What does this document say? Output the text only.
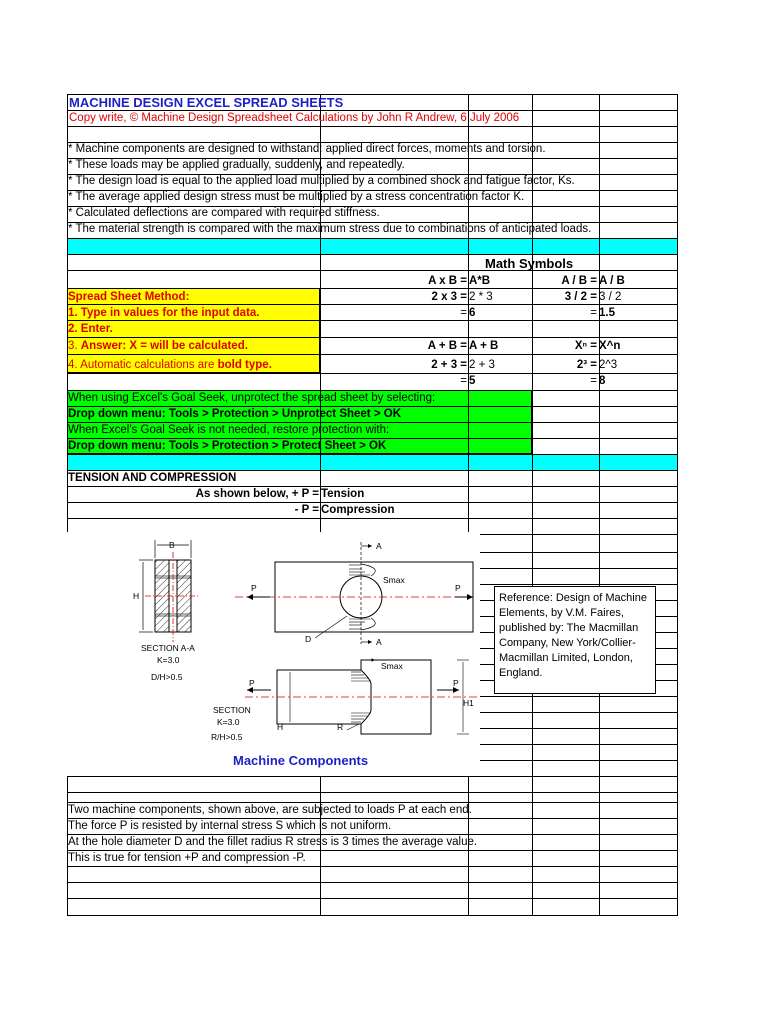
MACHINE DESIGN EXCEL SPREAD SHEETS
Copy write, © Machine Design Spreadsheet Calculations by John R Andrew, 6 July 2006
* Machine components are designed to withstand: applied direct forces, moments and torsion.
* These loads may be applied gradually, suddenly, and repeatedly.
* The design load is equal to the applied load multiplied by a combined shock and fatigue factor, Ks.
* The average applied design stress must be multiplied by a stress concentration factor K.
* Calculated deflections are compared with required stiffness.
* The material strength is compared with the maximum stress due to combinations of anticipated loads.
Math Symbols
A x B = A*B	A / B = A / B
2 x 3 = 2 * 3	3 / 2 = 3 / 2
= 6	= 1.5
A + B = A + B	Xⁿ = X^n
2 + 3 = 2 + 3	2³ = 2^3
= 5	= 8
Spread Sheet Method:
1. Type in values for the input data.
2. Enter.
3. Answer: X = will be calculated.
4. Automatic calculations are bold type.
When using Excel's Goal Seek, unprotect the spread sheet by selecting:
Drop down menu: Tools > Protection > Unprotect Sheet > OK
When Excel's Goal Seek is not needed, restore protection with:
Drop down menu: Tools > Protection > Protect Sheet > OK
TENSION AND COMPRESSION
As shown below, + P = Tension
- P = Compression
Two machine components, shown above, are subjected to loads P at each end.
The force P is resisted by internal stress S which is not uniform.
At the hole diameter D and the fillet radius R stress is 3 times the average value.
This is true for tension +P and compression -P.
B
H
A
A
P	P
Smax
D
SECTION A-A
K=3.0
D/H>0.5
P	P
Smax
H1
SECTION
K=3.0
R/H>0.5
H	R
Machine Components
Reference: Design of Machine Elements, by V.M. Faires, published by: The Macmillan Company, New York/Collier-Macmillan Limited, London, England.
